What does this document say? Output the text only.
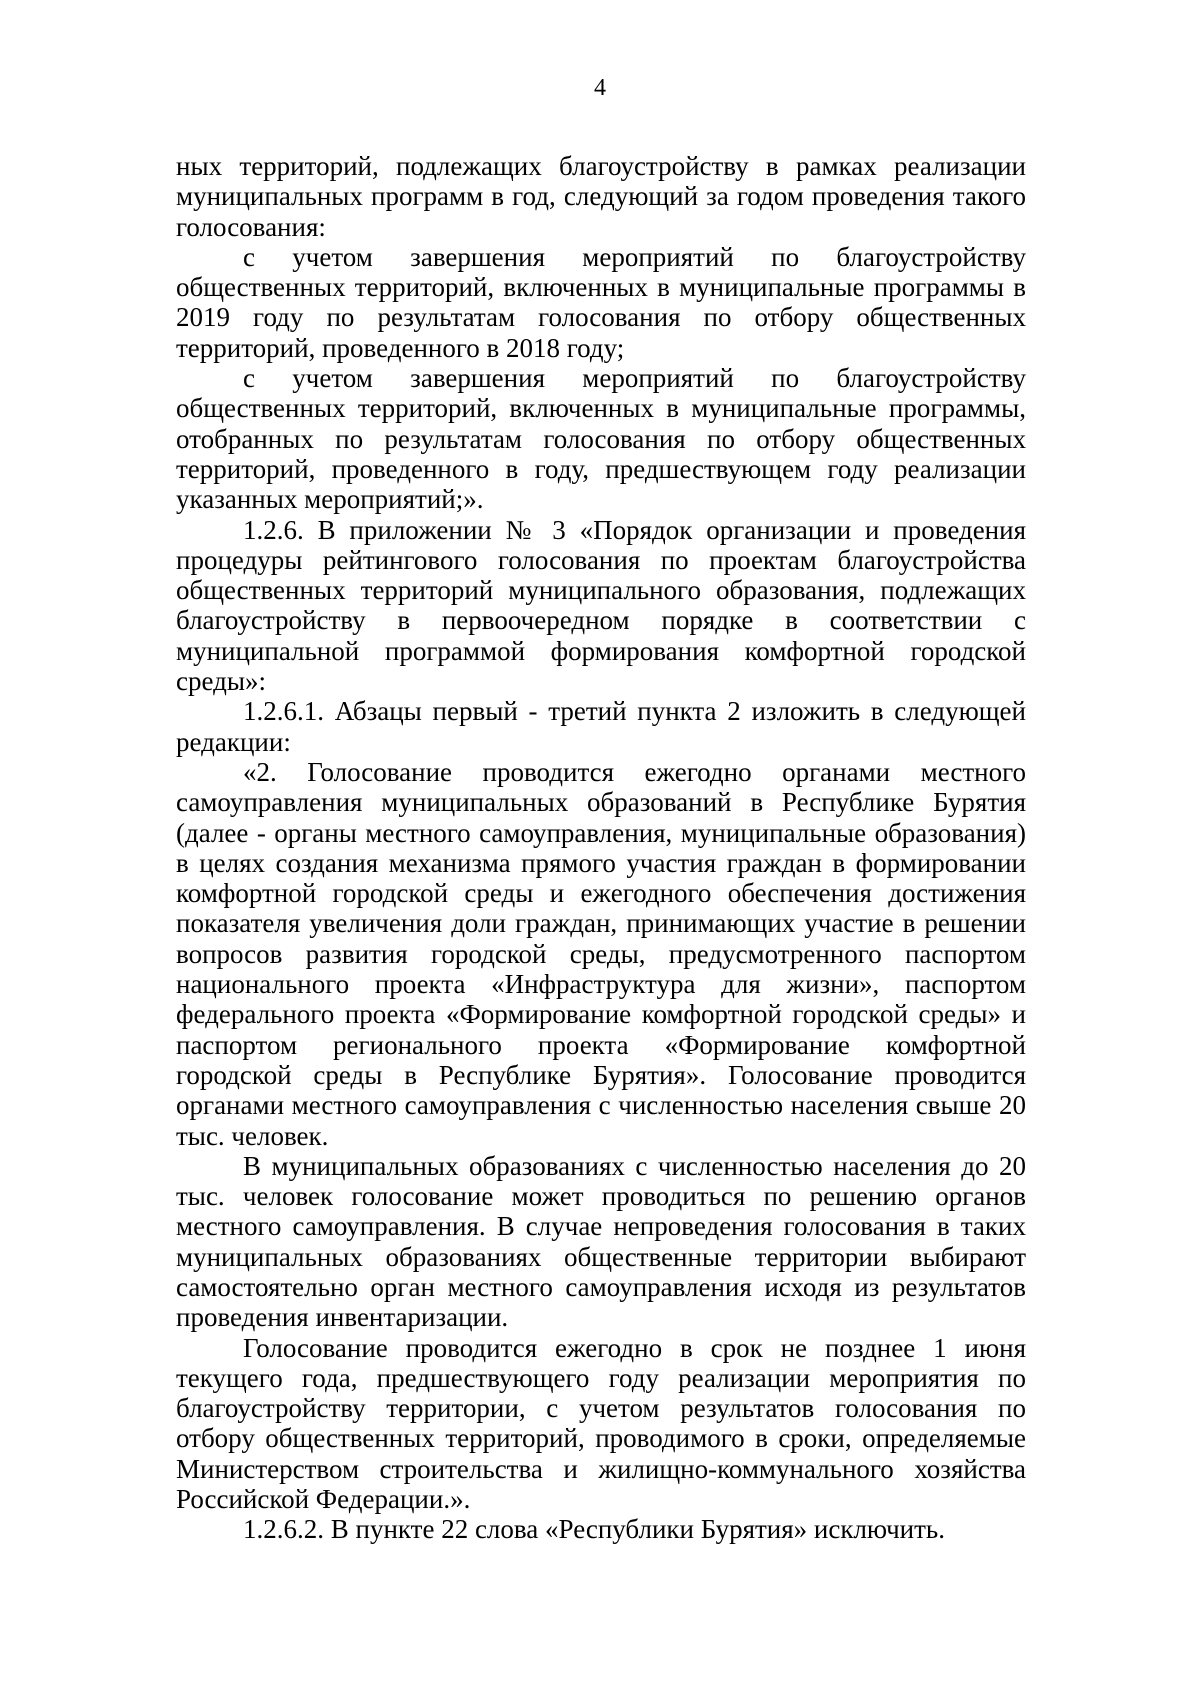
4

ных территорий, подлежащих благоустройству в рамках реализации муниципальных программ в год, следующий за годом проведения такого голосования:

с учетом завершения мероприятий по благоустройству общественных территорий, включенных в муниципальные программы в 2019 году по результатам голосования по отбору общественных территорий, проведенного в 2018 году;

с учетом завершения мероприятий по благоустройству общественных территорий, включенных в муниципальные программы, отобранных по результатам голосования по отбору общественных территорий, проведенного в году, предшествующем году реализации указанных мероприятий;».

1.2.6. В приложении № 3 «Порядок организации и проведения процедуры рейтингового голосования по проектам благоустройства общественных территорий муниципального образования, подлежащих благоустройству в первоочередном порядке в соответствии с муниципальной программой формирования комфортной городской среды»:

1.2.6.1. Абзацы первый - третий пункта 2 изложить в следующей редакции:

«2. Голосование проводится ежегодно органами местного самоуправления муниципальных образований в Республике Бурятия (далее - органы местного самоуправления, муниципальные образования) в целях создания механизма прямого участия граждан в формировании комфортной городской среды и ежегодного обеспечения достижения показателя увеличения доли граждан, принимающих участие в решении вопросов развития городской среды, предусмотренного паспортом национального проекта «Инфраструктура для жизни», паспортом федерального проекта «Формирование комфортной городской среды» и паспортом регионального проекта «Формирование комфортной городской среды в Республике Бурятия». Голосование проводится органами местного самоуправления с численностью населения свыше 20 тыс. человек.

В муниципальных образованиях с численностью населения до 20 тыс. человек голосование может проводиться по решению органов местного самоуправления. В случае непроведения голосования в таких муниципальных образованиях общественные территории выбирают самостоятельно орган местного самоуправления исходя из результатов проведения инвентаризации.

Голосование проводится ежегодно в срок не позднее 1 июня текущего года, предшествующего году реализации мероприятия по благоустройству территории, с учетом результатов голосования по отбору общественных территорий, проводимого в сроки, определяемые Министерством строительства и жилищно-коммунального хозяйства Российской Федерации.».

1.2.6.2. В пункте 22 слова «Республики Бурятия» исключить.
